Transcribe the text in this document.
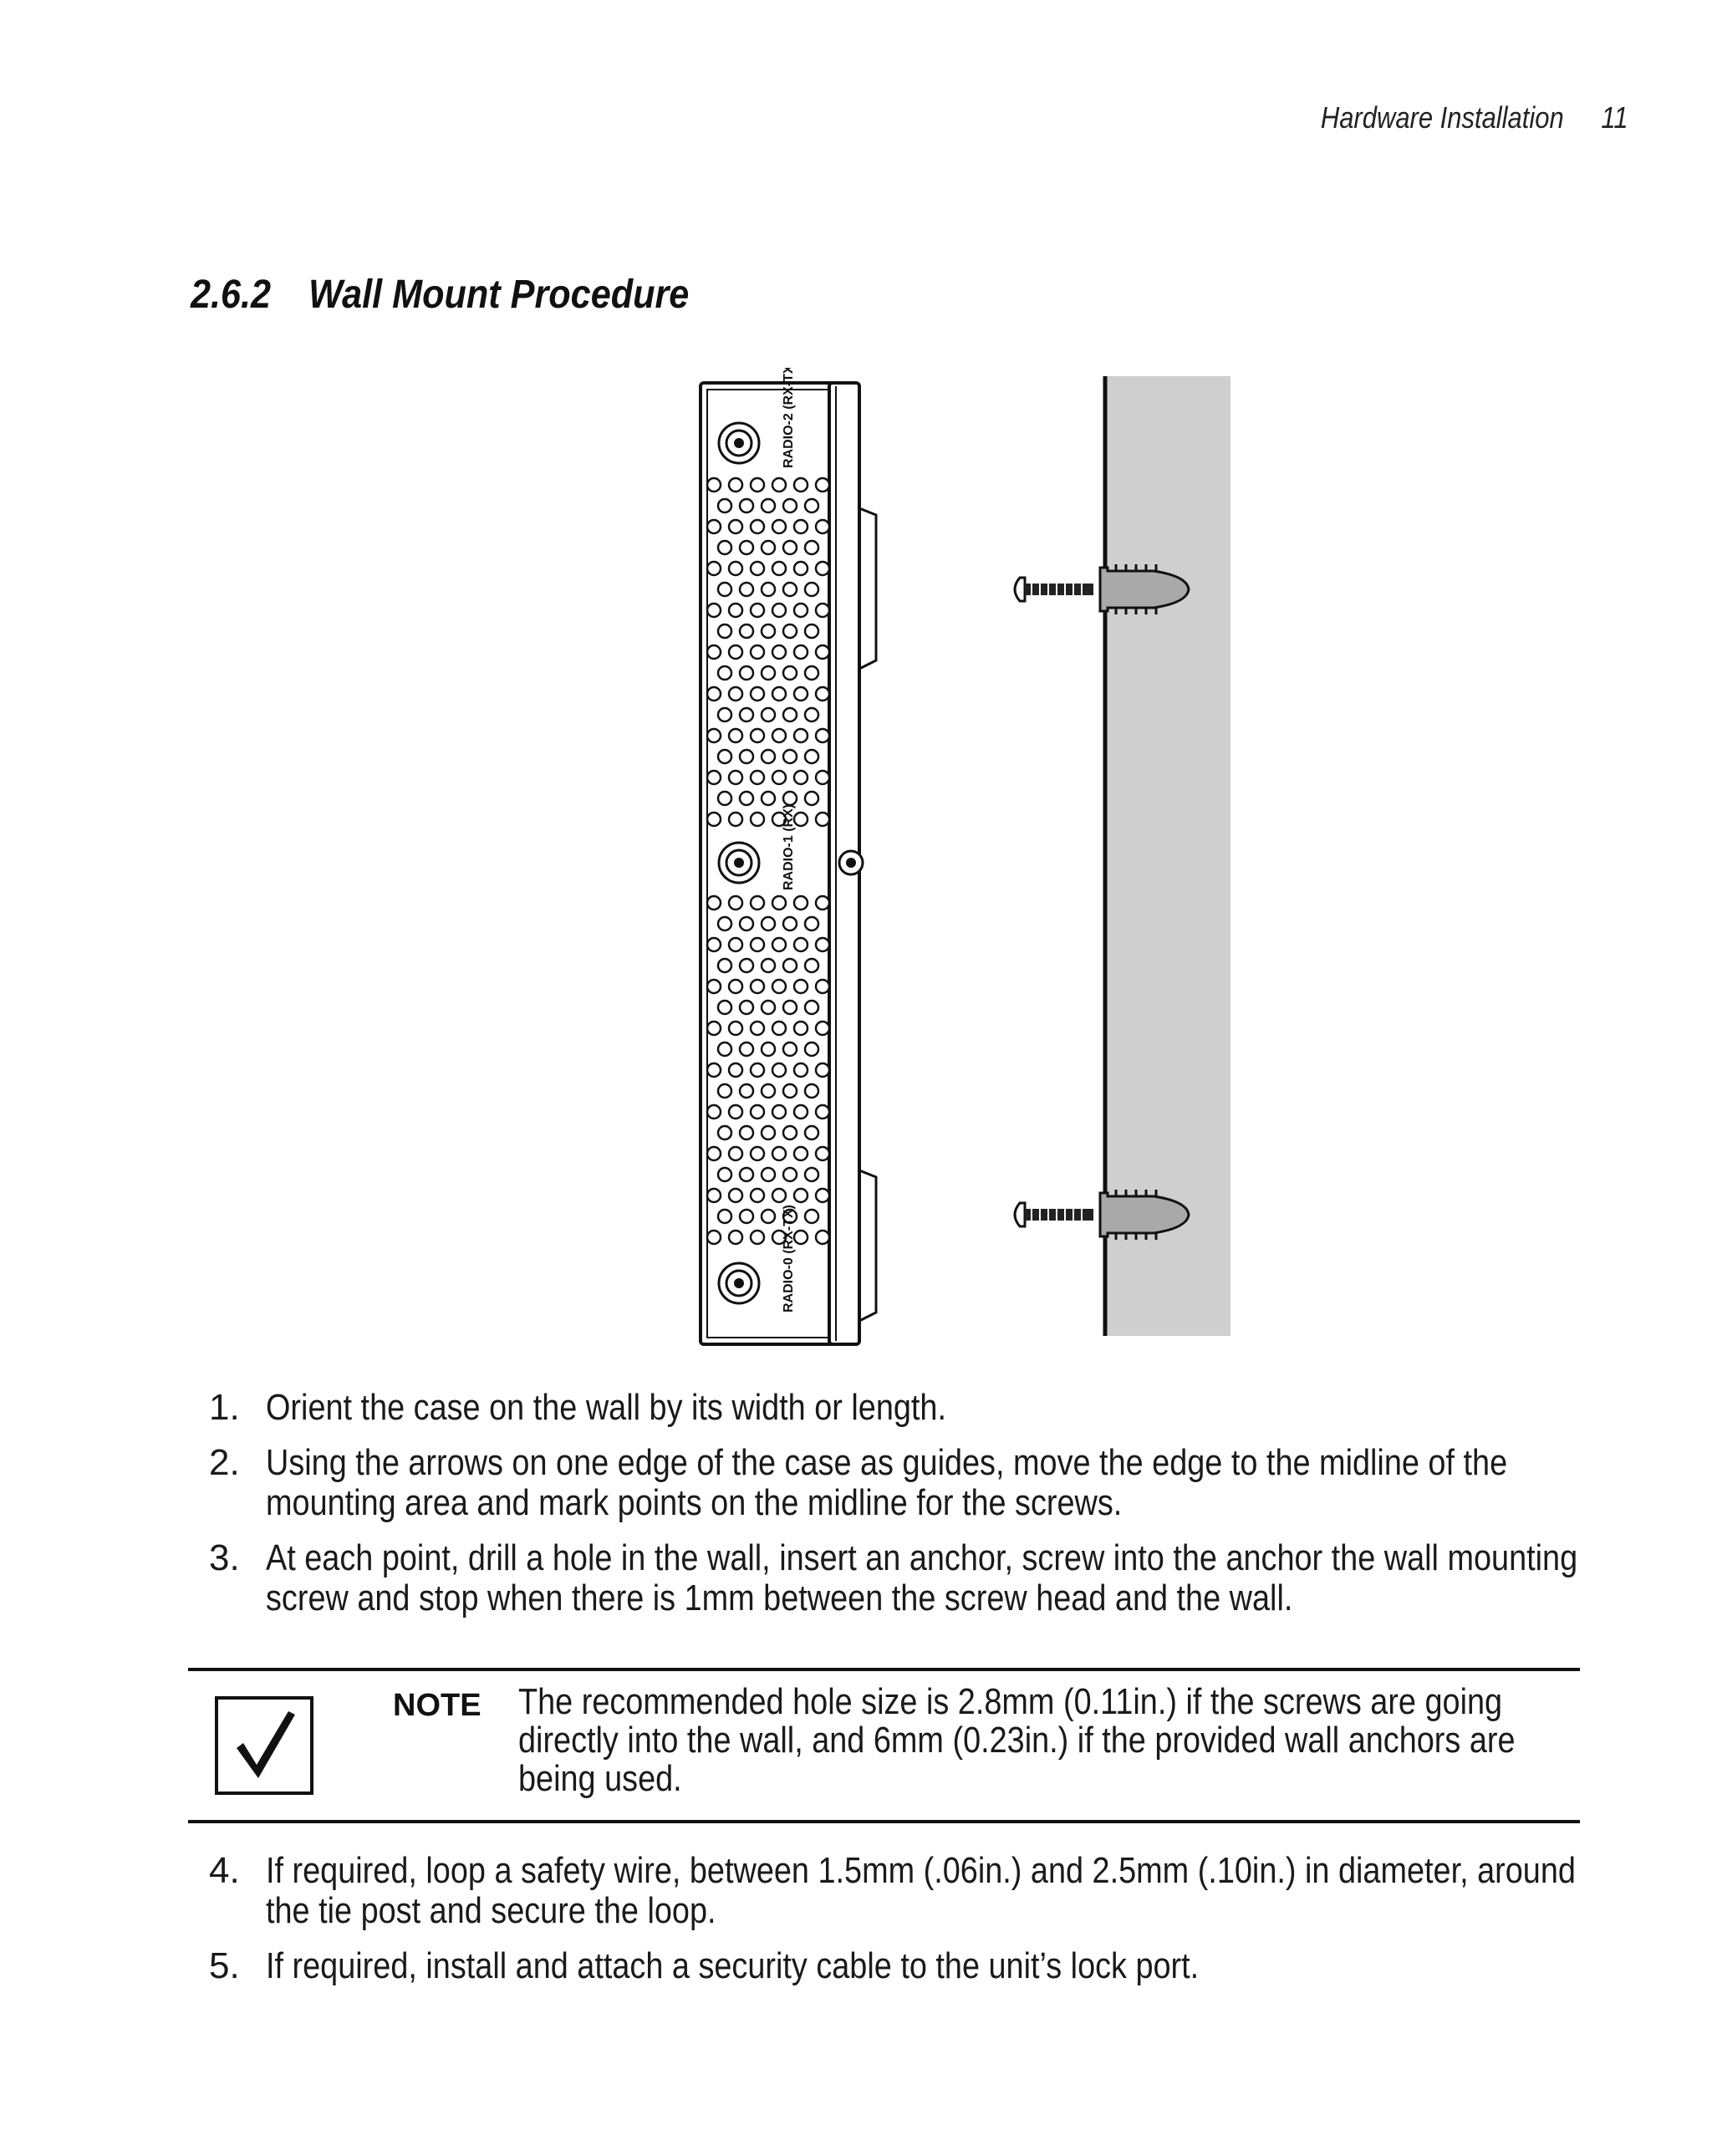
Hardware Installation 11
2.6.2 Wall Mount Procedure
RADIO-2 (RX-TX)
RADIO-1 (RX)
RADIO-0 (RX-TX)
1. Orient the case on the wall by its width or length.
2. Using the arrows on one edge of the case as guides, move the edge to the midline of the mounting area and mark points on the midline for the screws.
3. At each point, drill a hole in the wall, insert an anchor, screw into the anchor the wall mounting screw and stop when there is 1mm between the screw head and the wall.
NOTE The recommended hole size is 2.8mm (0.11in.) if the screws are going directly into the wall, and 6mm (0.23in.) if the provided wall anchors are being used.
4. If required, loop a safety wire, between 1.5mm (.06in.) and 2.5mm (.10in.) in diameter, around the tie post and secure the loop.
5. If required, install and attach a security cable to the unit’s lock port.
